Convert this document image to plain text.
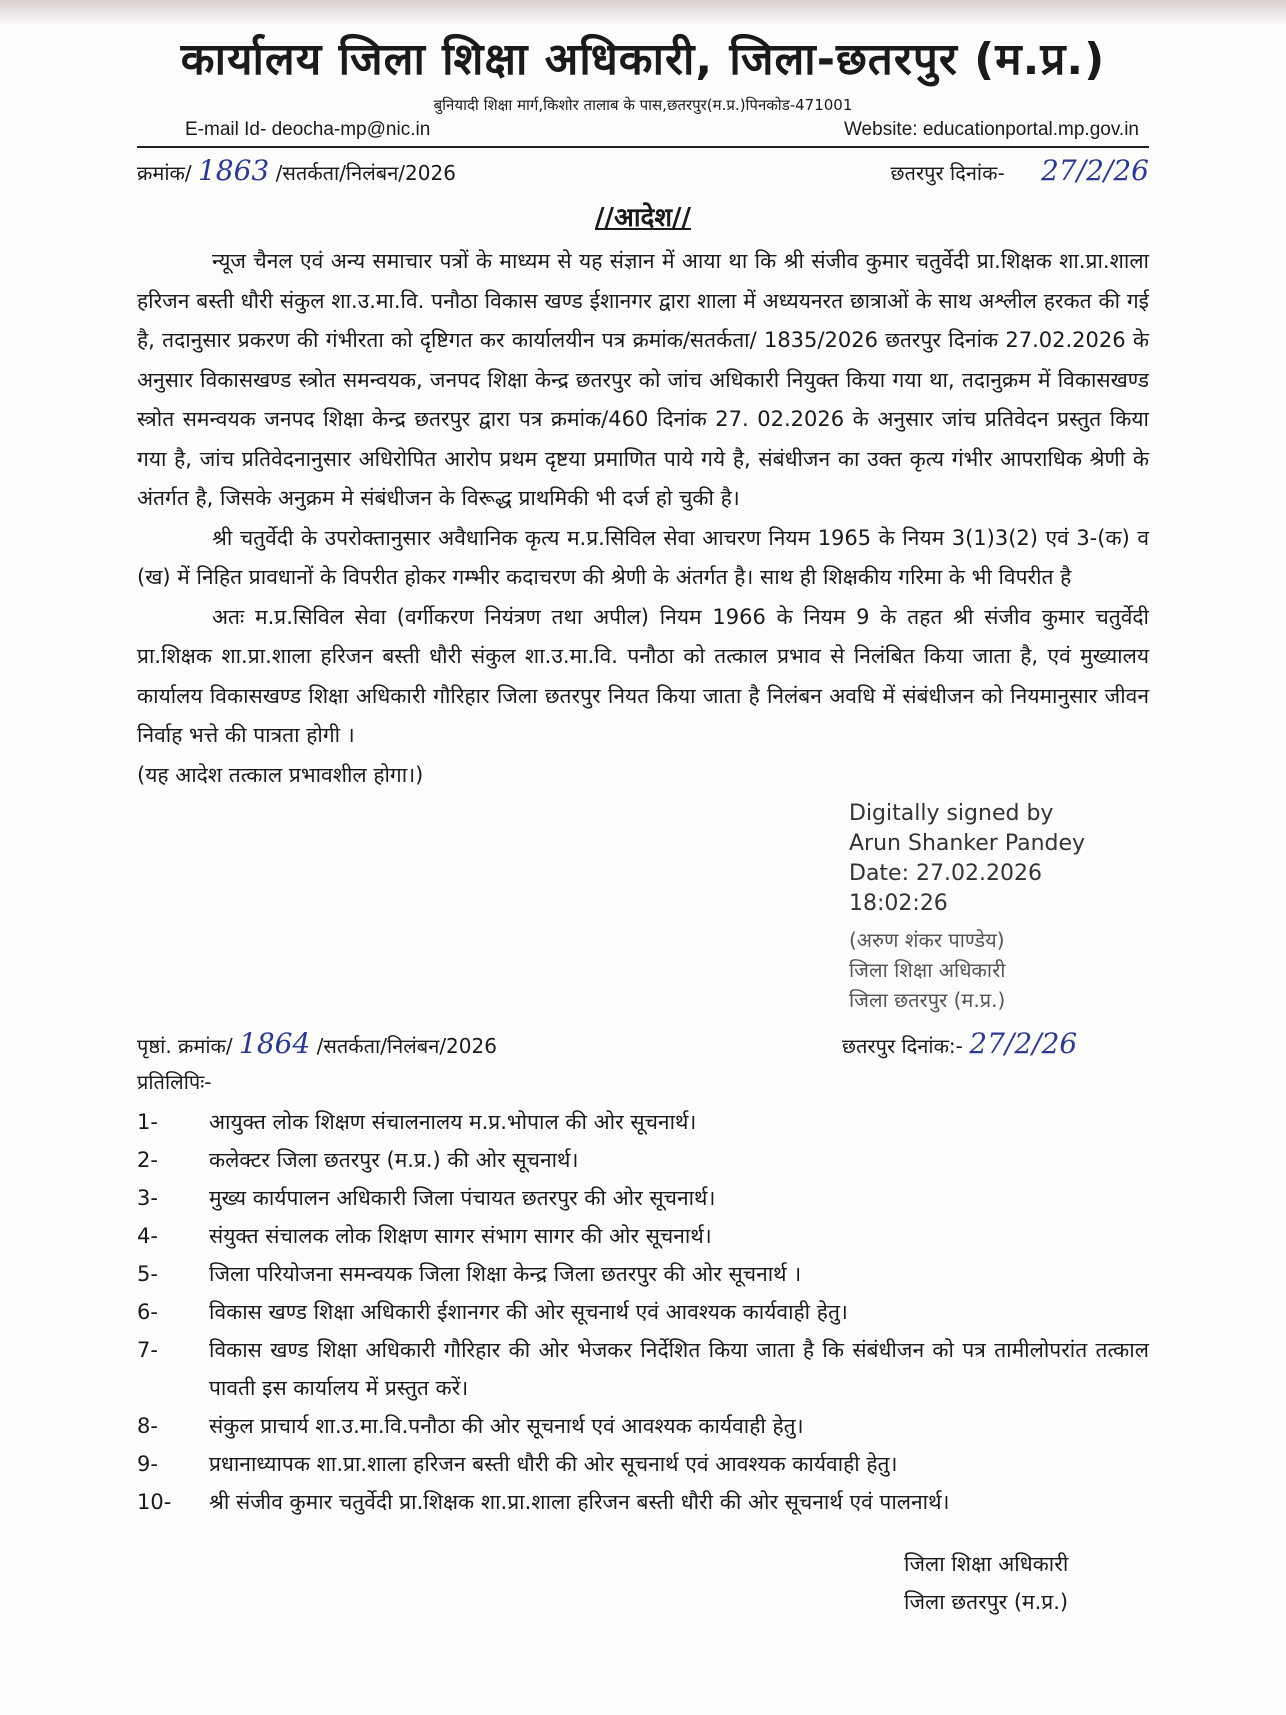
कार्यालय जिला शिक्षा अधिकारी, जिला-छतरपुर (म.प्र.)
बुनियादी शिक्षा मार्ग,किशोर तालाब के पास,छतरपुर(म.प्र.)पिनकोड-471001
E-mail Id- deocha-mp@nic.in	Website: educationportal.mp.gov.in
क्रमांक/ 1863 /सतर्कता/निलंबन/2026	छतरपुर दिनांक- 27/2/26
//आदेश//

न्यूज चैनल एवं अन्य समाचार पत्रों के माध्यम से यह संज्ञान में आया था कि श्री संजीव कुमार चतुर्वेदी प्रा.शिक्षक शा.प्रा.शाला हरिजन बस्ती धौरी संकुल शा.उ.मा.वि. पनौठा विकास खण्ड ईशानगर द्वारा शाला में अध्ययनरत छात्राओं के साथ अश्लील हरकत की गई है, तदानुसार प्रकरण की गंभीरता को दृष्टिगत कर कार्यालयीन पत्र क्रमांक/सतर्कता/ 1835/2026 छतरपुर दिनांक 27.02.2026 के अनुसार विकासखण्ड स्त्रोत समन्वयक, जनपद शिक्षा केन्द्र छतरपुर को जांच अधिकारी नियुक्त किया गया था, तदानुक्रम में विकासखण्ड स्त्रोत समन्वयक जनपद शिक्षा केन्द्र छतरपुर द्वारा पत्र क्रमांक/460 दिनांक 27. 02.2026 के अनुसार जांच प्रतिवेदन प्रस्तुत किया गया है, जांच प्रतिवेदनानुसार अधिरोपित आरोप प्रथम दृष्टया प्रमाणित पाये गये है, संबंधीजन का उक्त कृत्य गंभीर आपराधिक श्रेणी के अंतर्गत है, जिसके अनुक्रम मे संबंधीजन के विरूद्ध प्राथमिकी भी दर्ज हो चुकी है।

श्री चतुर्वेदी के उपरोक्तानुसार अवैधानिक कृत्य म.प्र.सिविल सेवा आचरण नियम 1965 के नियम 3(1)3(2) एवं 3-(क) व (ख) में निहित प्रावधानों के विपरीत होकर गम्भीर कदाचरण की श्रेणी के अंतर्गत है। साथ ही शिक्षकीय गरिमा के भी विपरीत है

अतः म.प्र.सिविल सेवा (वर्गीकरण नियंत्रण तथा अपील) नियम 1966 के नियम 9 के तहत श्री संजीव कुमार चतुर्वेदी प्रा.शिक्षक शा.प्रा.शाला हरिजन बस्ती धौरी संकुल शा.उ.मा.वि. पनौठा को तत्काल प्रभाव से निलंबित किया जाता है, एवं मुख्यालय कार्यालय विकासखण्ड शिक्षा अधिकारी गौरिहार जिला छतरपुर नियत किया जाता है निलंबन अवधि में संबंधीजन को नियमानुसार जीवन निर्वाह भत्ते की पात्रता होगी ।

(यह आदेश तत्काल प्रभावशील होगा।)

Digitally signed by
Arun Shanker Pandey
Date: 27.02.2026
18:02:26
(अरुण शंकर पाण्डेय)
जिला शिक्षा अधिकारी
जिला छतरपुर (म.प्र.)
पृष्ठां. क्रमांक/ 1864 /सतर्कता/निलंबन/2026	छतरपुर दिनांक:- 27/2/26
प्रतिलिपिः-
1-	आयुक्त लोक शिक्षण संचालनालय म.प्र.भोपाल की ओर सूचनार्थ।
2-	कलेक्टर जिला छतरपुर (म.प्र.) की ओर सूचनार्थ।
3-	मुख्य कार्यपालन अधिकारी जिला पंचायत छतरपुर की ओर सूचनार्थ।
4-	संयुक्त संचालक लोक शिक्षण सागर संभाग सागर की ओर सूचनार्थ।
5-	जिला परियोजना समन्वयक जिला शिक्षा केन्द्र जिला छतरपुर की ओर सूचनार्थ ।
6-	विकास खण्ड शिक्षा अधिकारी ईशानगर की ओर सूचनार्थ एवं आवश्यक कार्यवाही हेतु।
7-	विकास खण्ड शिक्षा अधिकारी गौरिहार की ओर भेजकर निर्देशित किया जाता है कि संबंधीजन को पत्र तामीलोपरांत तत्काल पावती इस कार्यालय में प्रस्तुत करें।
8-	संकुल प्राचार्य शा.उ.मा.वि.पनौठा की ओर सूचनार्थ एवं आवश्यक कार्यवाही हेतु।
9-	प्रधानाध्यापक शा.प्रा.शाला हरिजन बस्ती धौरी की ओर सूचनार्थ एवं आवश्यक कार्यवाही हेतु।
10-	श्री संजीव कुमार चतुर्वेदी प्रा.शिक्षक शा.प्रा.शाला हरिजन बस्ती धौरी की ओर सूचनार्थ एवं पालनार्थ।
जिला शिक्षा अधिकारी
जिला छतरपुर (म.प्र.)
